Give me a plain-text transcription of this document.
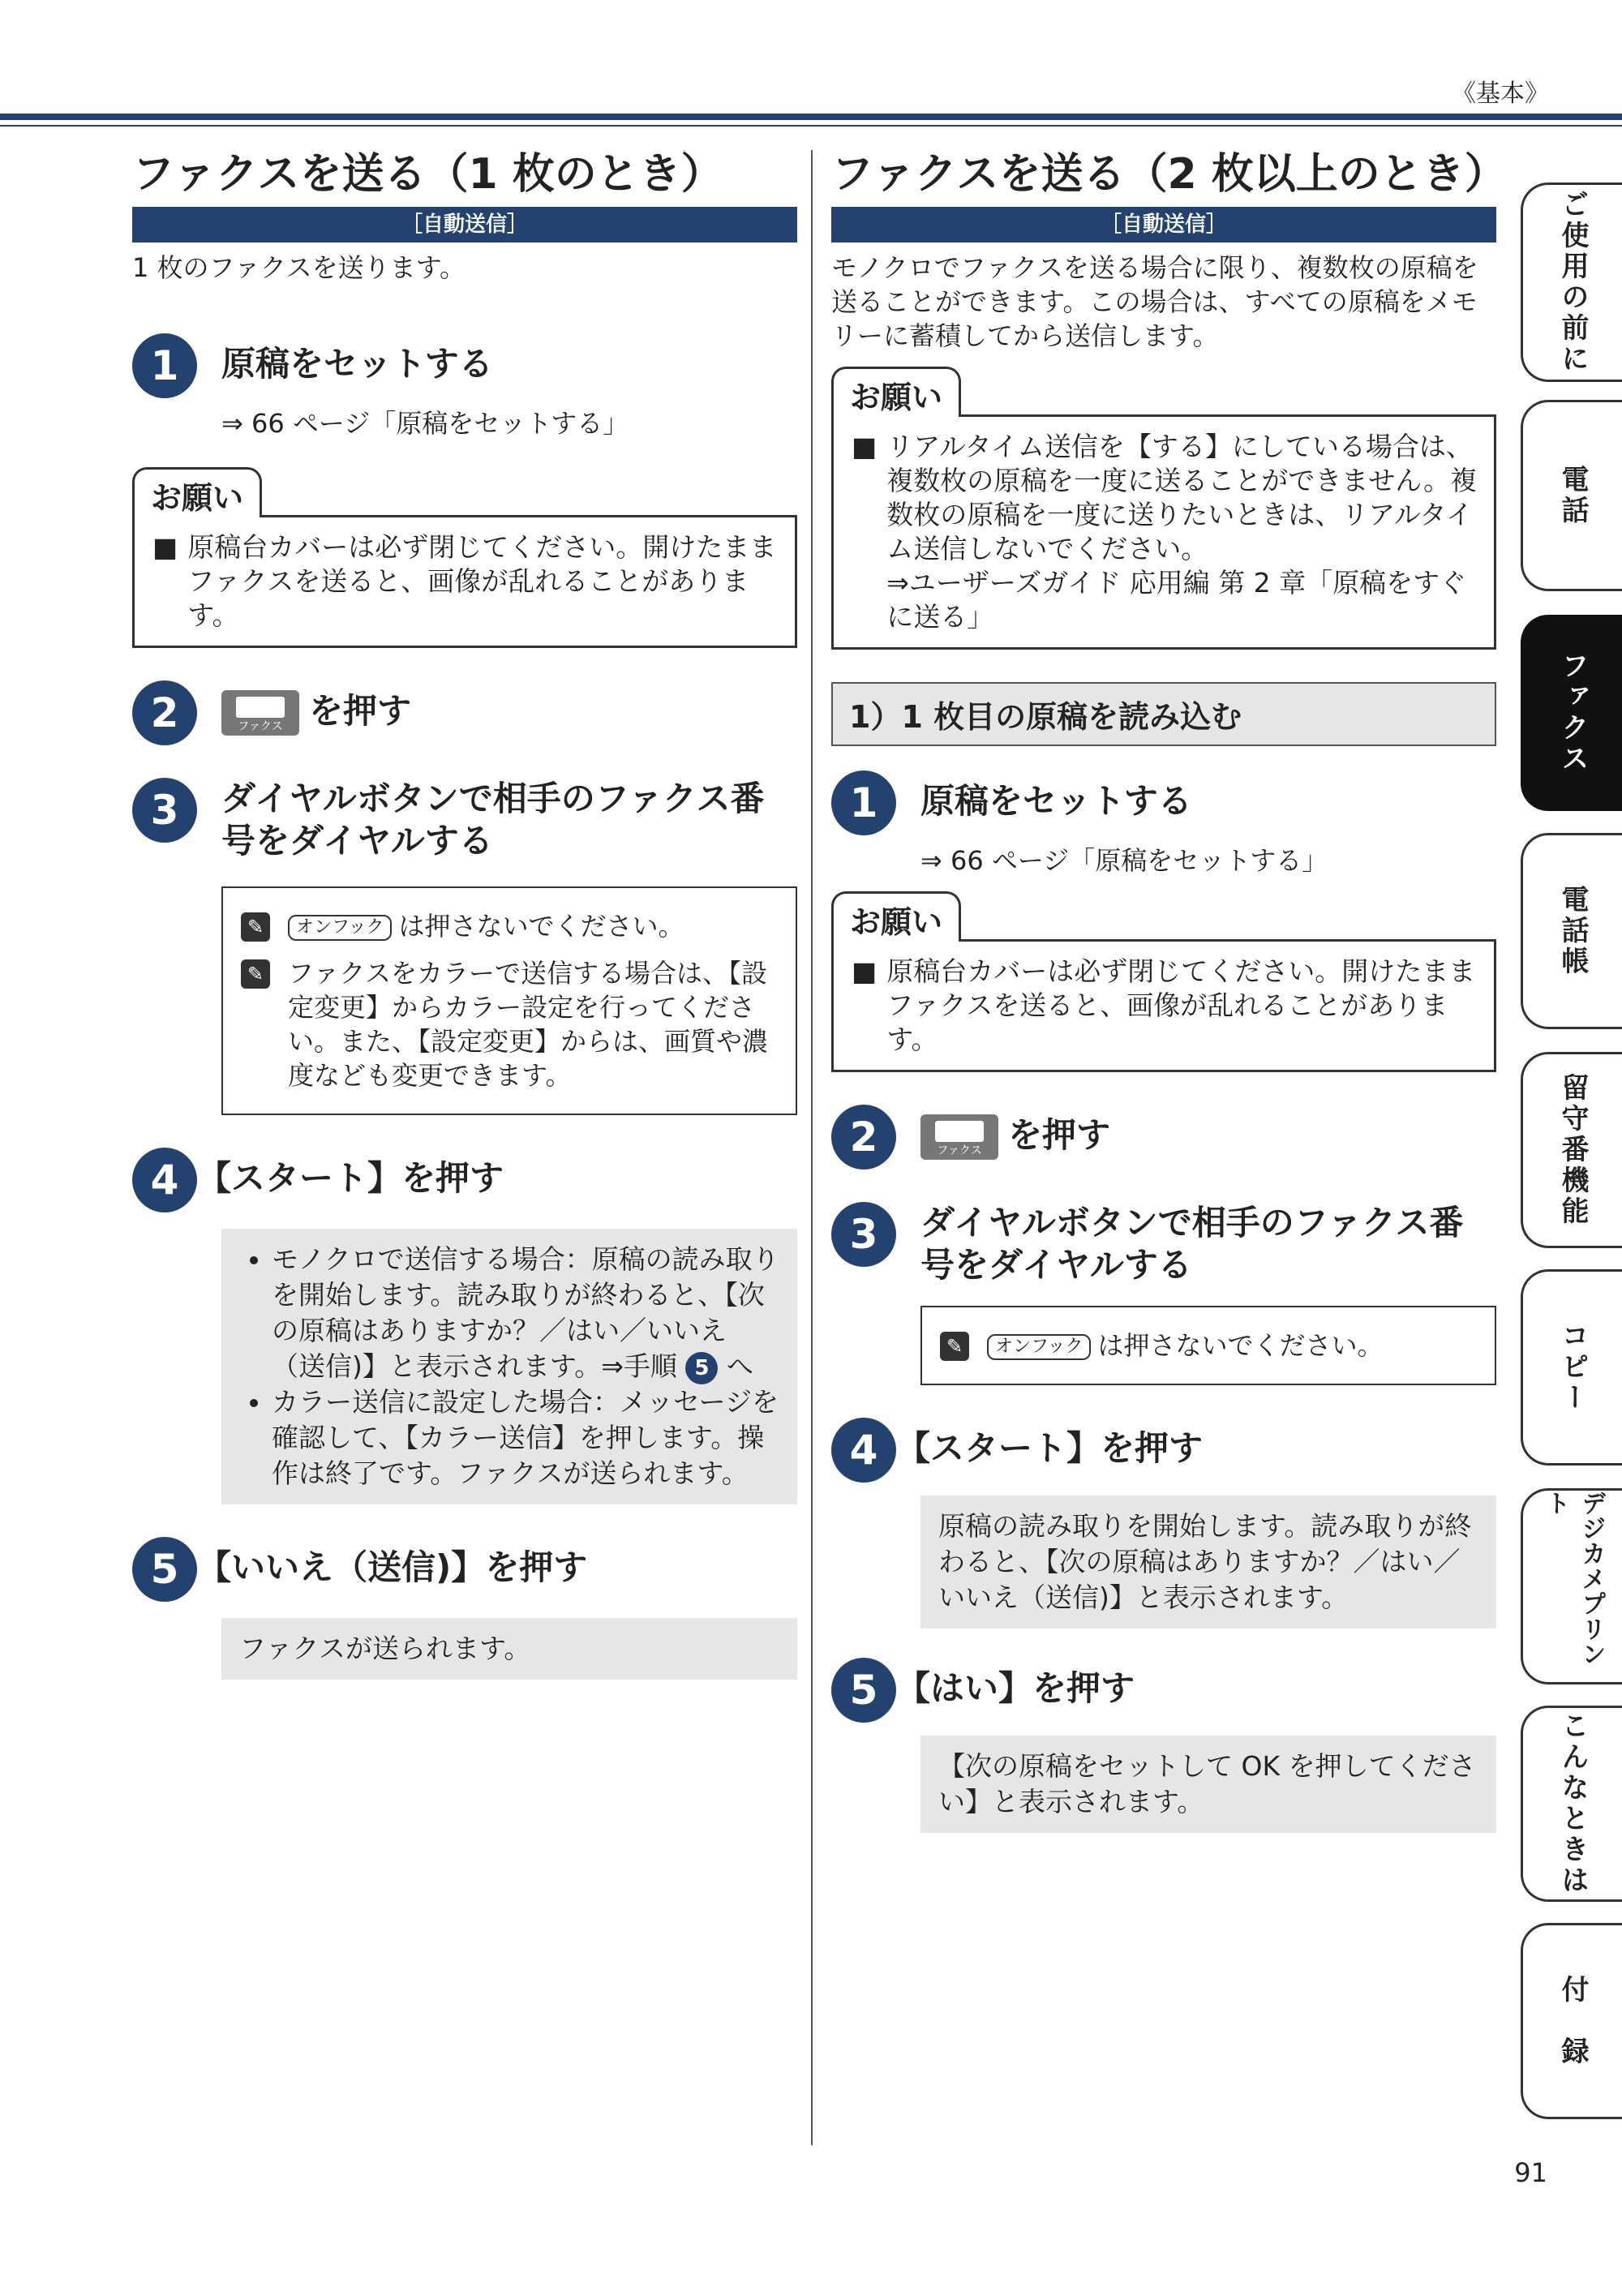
《基本》
ファクスを送る（1 枚のとき）
［自動送信］
1 枚のファクスを送ります。
1	原稿をセットする
⇒ 66 ページ「原稿をセットする」
お願い
■ 原稿台カバーは必ず閉じてください。開けたままファクスを送ると、画像が乱れることがあります。
2	ファクス を押す
3	ダイヤルボタンで相手のファクス番号をダイヤルする
✎	オンフック は押さないでください。
✎ ファクスをカラーで送信する場合は、【設定変更】からカラー設定を行ってください。また、【設定変更】からは、画質や濃度なども変更できます。
4 【スタート】を押す
• モノクロで送信する場合：原稿の読み取りを開始します。読み取りが終わると、【次の原稿はありますか？／はい／いいえ（送信)】と表示されます。⇒手順 5 へ
• カラー送信に設定した場合：メッセージを確認して、【カラー送信】を押します。操作は終了です。ファクスが送られます。
5 【いいえ（送信)】を押す
ファクスが送られます。
ファクスを送る（2 枚以上のとき）
［自動送信］
モノクロでファクスを送る場合に限り、複数枚の原稿を送ることができます。この場合は、すべての原稿をメモリーに蓄積してから送信します。
お願い
■ リアルタイム送信を【する】にしている場合は、複数枚の原稿を一度に送ることができません。複数枚の原稿を一度に送りたいときは、リアルタイム送信しないでください。
⇒ユーザーズガイド 応用編 第 2 章「原稿をすぐに送る」
1）1 枚目の原稿を読み込む
1	原稿をセットする
⇒ 66 ページ「原稿をセットする」
お願い
■ 原稿台カバーは必ず閉じてください。開けたままファクスを送ると、画像が乱れることがあります。
2	ファクス を押す
3	ダイヤルボタンで相手のファクス番号をダイヤルする
✎	オンフック は押さないでください。
4 【スタート】を押す
原稿の読み取りを開始します。読み取りが終わると、【次の原稿はありますか？／はい／いいえ（送信)】と表示されます。
5 【はい】を押す
【次の原稿をセットして OK を押してください】と表示されます。
ご使用の前に
電話
ファクス
電話帳
留守番機能
コピー
デジカメプリント
こんなときは
付　録
91
